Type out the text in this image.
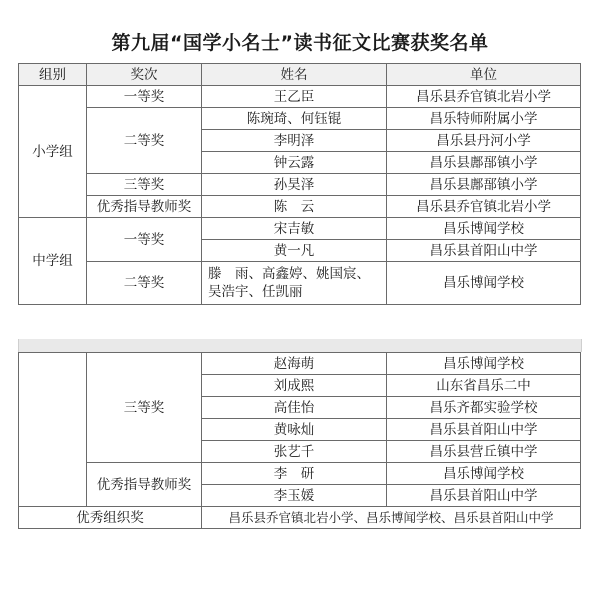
第九届“国学小名士”读书征文比赛获奖名单
组别	奖次	姓名	单位
小学组	一等奖	王乙臣	昌乐县乔官镇北岩小学
	二等奖	陈琬琦、何钰锟	昌乐特师附属小学
		李明泽	昌乐县丹河小学
		钟云露	昌乐县鄌郚镇小学
	三等奖	孙昊泽	昌乐县鄌郚镇小学
	优秀指导教师奖	陈　云	昌乐县乔官镇北岩小学
中学组	一等奖	宋吉敏	昌乐博闻学校
		黄一凡	昌乐县首阳山中学
	二等奖	滕　雨、高鑫婷、姚国宸、吴浩宇、任凯丽	昌乐博闻学校
	三等奖	赵海萌	昌乐博闻学校
		刘成熙	山东省昌乐二中
		高佳怡	昌乐齐都实验学校
		黄咏灿	昌乐县首阳山中学
		张艺千	昌乐县营丘镇中学
	优秀指导教师奖	李　研	昌乐博闻学校
		李玉媛	昌乐县首阳山中学
优秀组织奖		昌乐县乔官镇北岩小学、昌乐博闻学校、昌乐县首阳山中学	
